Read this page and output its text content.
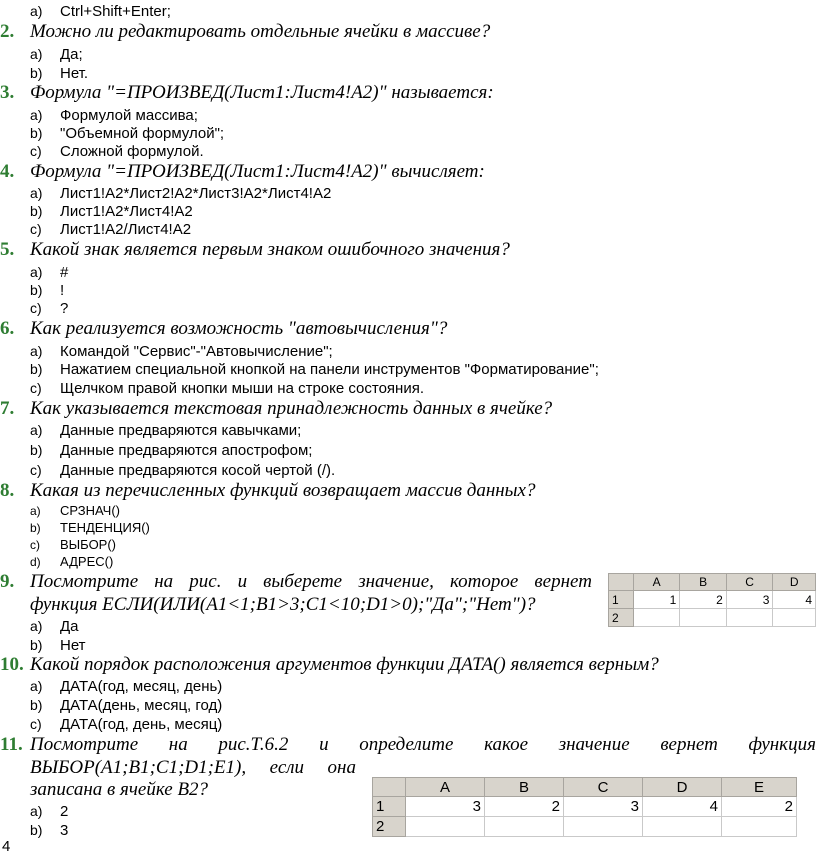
a) Ctrl+Shift+Enter;
2. Можно ли редактировать отдельные ячейки в массиве?
a) Да;
b) Нет.
3. Формула "=ПРОИЗВЕД(Лист1:Лист4!A2)" называется:
a) Формулой массива;
b) "Объемной формулой";
c) Сложной формулой.
4. Формула "=ПРОИЗВЕД(Лист1:Лист4!A2)" вычисляет:
a) Лист1!A2*Лист2!A2*Лист3!A2*Лист4!A2
b) Лист1!A2*Лист4!A2
c) Лист1!A2/Лист4!A2
5. Какой знак является первым знаком ошибочного значения?
a) #
b) !
c) ?
6. Как реализуется возможность "автовычисления"?
a) Командой "Сервис"-"Автовычисление";
b) Нажатием специальной кнопкой на панели инструментов "Форматирование";
c) Щелчком правой кнопки мыши на строке состояния.
7. Как указывается текстовая принадлежность данных в ячейке?
a) Данные предваряются кавычками;
b) Данные предваряются апострофом;
c) Данные предваряются косой чертой (/).
8. Какая из перечисленных функций возвращает массив данных?
a) СРЗНАЧ()
b) ТЕНДЕНЦИЯ()
c) ВЫБОР()
d) АДРЕС()
9. Посмотрите на рис. и выберете значение, которое вернет
функция ЕСЛИ(ИЛИ(A1<1;B1>3;C1<10;D1>0);"Да";"Нет")?
a) Да
b) Нет
	A	B	C	D
1	1	2	3	4
2				
10. Какой порядок расположения аргументов функции ДАТА() является верным?
a) ДАТА(год, месяц, день)
b) ДАТА(день, месяц, год)
c) ДАТА(год, день, месяц)
11. Посмотрите на рис.Т.6.2 и определите какое значение вернет функция
ВЫБОР(A1;B1;C1;D1;E1), если она
записана в ячейке B2?
a) 2
b) 3
	A	B	C	D	E
1	3	2	3	4	2
2					
4
